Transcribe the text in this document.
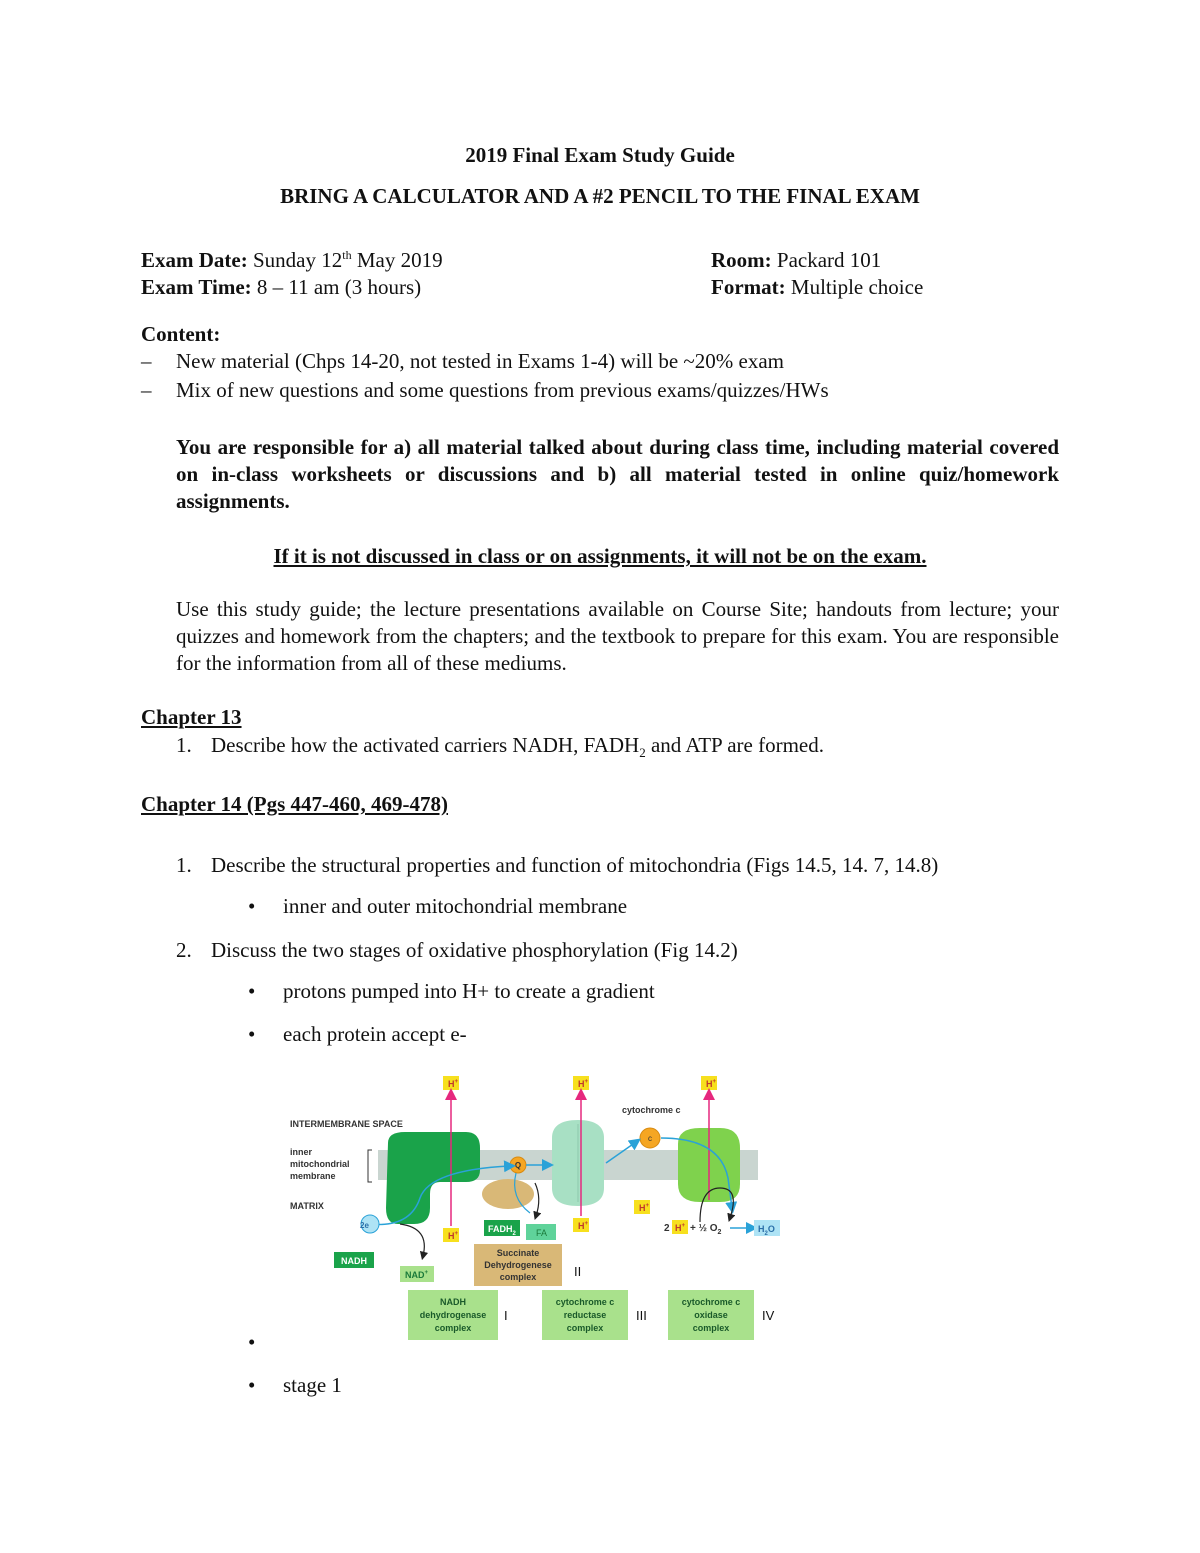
2019 Final Exam Study Guide
BRING A CALCULATOR AND A #2 PENCIL TO THE FINAL EXAM
Exam Date: Sunday 12th May 2019
Exam Time: 8 – 11 am (3 hours)
Room: Packard 101
Format: Multiple choice
Content:
– New material (Chps 14-20, not tested in Exams 1-4) will be ~20% exam
– Mix of new questions and some questions from previous exams/quizzes/HWs
You are responsible for a) all material talked about during class time, including material covered on in-class worksheets or discussions and b) all material tested in online quiz/homework assignments.
If it is not discussed in class or on assignments, it will not be on the exam.
Use this study guide; the lecture presentations available on Course Site; handouts from lecture; your quizzes and homework from the chapters; and the textbook to prepare for this exam. You are responsible for the information from all of these mediums.
Chapter 13
1. Describe how the activated carriers NADH, $FADH_2$ and ATP are formed.
Chapter 14 (Pgs 447-460, 469-478)
1. Describe the structural properties and function of mitochondria (Figs 14.5, 14. 7, 14.8)
• inner and outer mitochondrial membrane
2. Discuss the two stages of oxidative phosphorylation (Fig 14.2)
• protons pumped into H+ to create a gradient
• each protein accept e-
INTERMEMBRANE SPACE
inner
mitochondrial
membrane
MATRIX
Q
cytochrome c
c
H+	H+	H+
H+
H+
H+
2e
NADH
NAD+
$FADH_2$ FA	2 H+ + ½ $O_2$	$H_2O$
Succinate
Dehydrogenese
complex	II
NADH
dehydrogenase
complex
I
cytochrome c
reductase
complex
III
cytochrome c
oxidase
complex
IV
•
• stage 1
